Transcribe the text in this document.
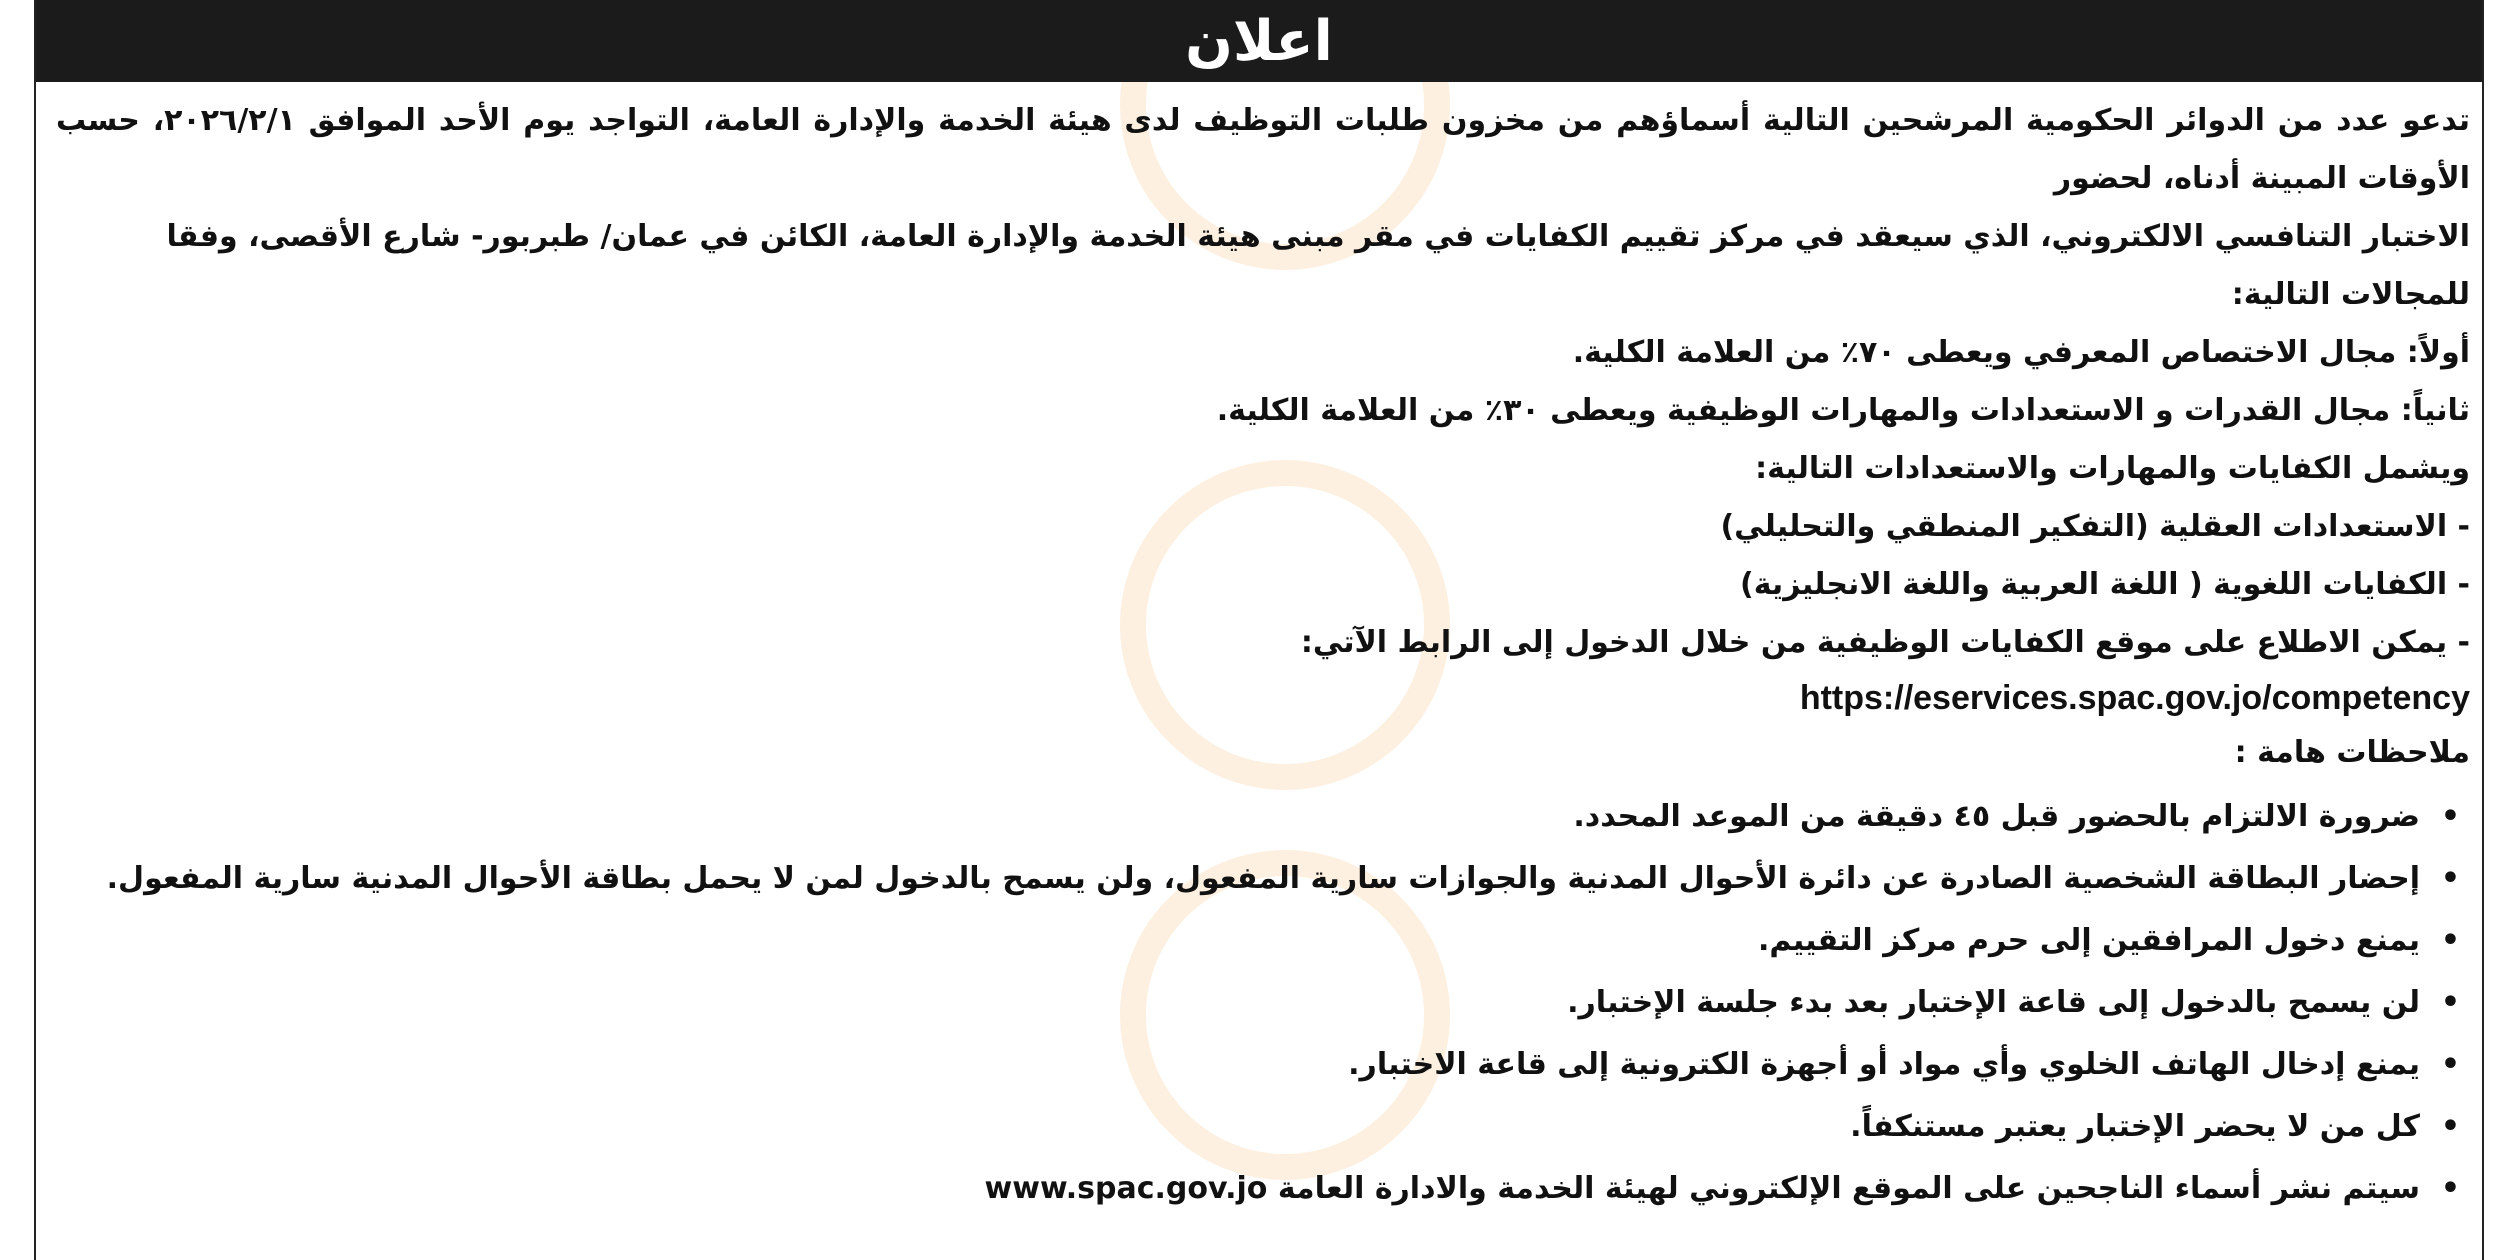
اعلان
تدعو عدد من الدوائر الحكومية المرشحين التالية أسماؤهم من مخزون طلبات التوظيف لدى هيئة الخدمة والإدارة العامة، التواجد يوم الأحد الموافق ٢٠٢٦/٢/١، حسب الأوقات المبينة أدناه، لحضور
الاختبار التنافسي الالكتروني، الذي سيعقد في مركز تقييم الكفايات في مقر مبنى هيئة الخدمة والإدارة العامة، الكائن في عمان/ طبربور- شارع الأقصى، وفقا للمجالات التالية:
أولاً: مجال الاختصاص المعرفي ويعطى ٧٠٪ من العلامة الكلية.
ثانياً: مجال القدرات و الاستعدادات والمهارات الوظيفية ويعطى ٣٠٪ من العلامة الكلية.
ويشمل الكفايات والمهارات والاستعدادات التالية:
- الاستعدادات العقلية (التفكير المنطقي والتحليلي)
- الكفايات اللغوية ( اللغة العربية واللغة الانجليزية)
- يمكن الاطلاع على موقع الكفايات الوظيفية من خلال الدخول إلى الرابط الآتي:
https://eservices.spac.gov.jo/competency
ملاحظات هامة :
• ضرورة الالتزام بالحضور قبل ٤٥ دقيقة من الموعد المحدد.
• إحضار البطاقة الشخصية الصادرة عن دائرة الأحوال المدنية والجوازات سارية المفعول، ولن يسمح بالدخول لمن لا يحمل بطاقة الأحوال المدنية سارية المفعول.
• يمنع دخول المرافقين إلى حرم مركز التقييم.
• لن يسمح بالدخول إلى قاعة الإختبار بعد بدء جلسة الإختبار.
• يمنع إدخال الهاتف الخلوي وأي مواد أو أجهزة الكترونية إلى قاعة الاختبار.
• كل من لا يحضر الإختبار يعتبر مستنكفاً.
• سيتم نشر أسماء الناجحين على الموقع الإلكتروني لهيئة الخدمة والادارة العامة www.spac.gov.jo
